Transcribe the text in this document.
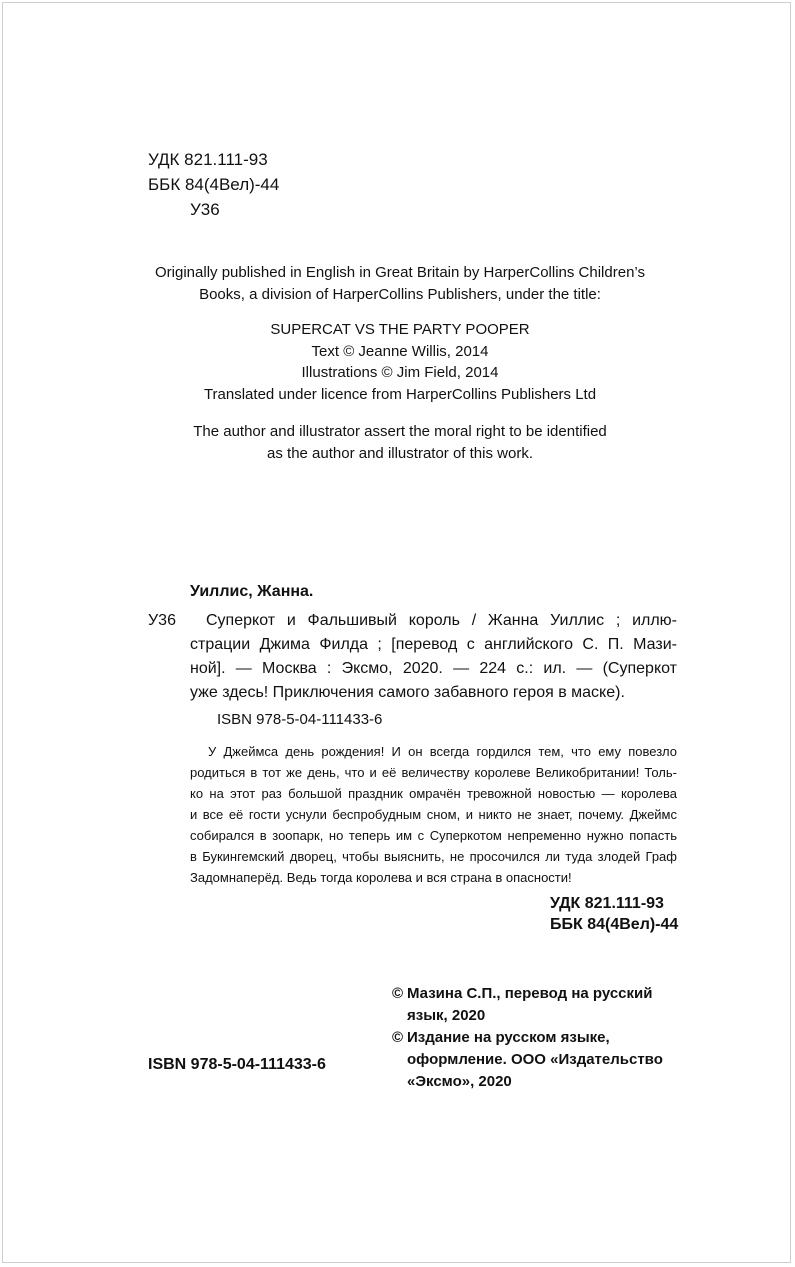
УДК 821.111-93
ББК 84(4Вел)-44
У36
Originally published in English in Great Britain by HarperCollins Children’s
Books, a division of HarperCollins Publishers, under the title:
SUPERCAT VS THE PARTY POOPER
Text © Jeanne Willis, 2014
Illustrations © Jim Field, 2014
Translated under licence from HarperCollins Publishers Ltd
The author and illustrator assert the moral right to be identified
as the author and illustrator of this work.
Уиллис, Жанна.
У36	Суперкот и Фальшивый король / Жанна Уиллис ; иллю-
страции Джима Филда ; [перевод с английского С. П. Мази-
ной]. — Москва : Эксмо, 2020. — 224 с.: ил. — (Суперкот
уже здесь! Приключения самого забавного героя в маске).
ISBN 978-5-04-111433-6
У Джеймса день рождения! И он всегда гордился тем, что ему повезло
родиться в тот же день, что и её величеству королеве Великобритании! Толь-
ко на этот раз большой праздник омрачён тревожной новостью — королева
и все её гости уснули беспробудным сном, и никто не знает, почему. Джеймс
собирался в зоопарк, но теперь им с Суперкотом непременно нужно попасть
в Букингемский дворец, чтобы выяснить, не просочился ли туда злодей Граф
Задомнаперёд. Ведь тогда королева и вся страна в опасности!
УДК 821.111-93
ББК 84(4Вел)-44
© Мазина С.П., перевод на русский
язык, 2020
© Издание на русском языке,
оформление. ООО «Издательство
«Эксмо», 2020
ISBN 978-5-04-111433-6
